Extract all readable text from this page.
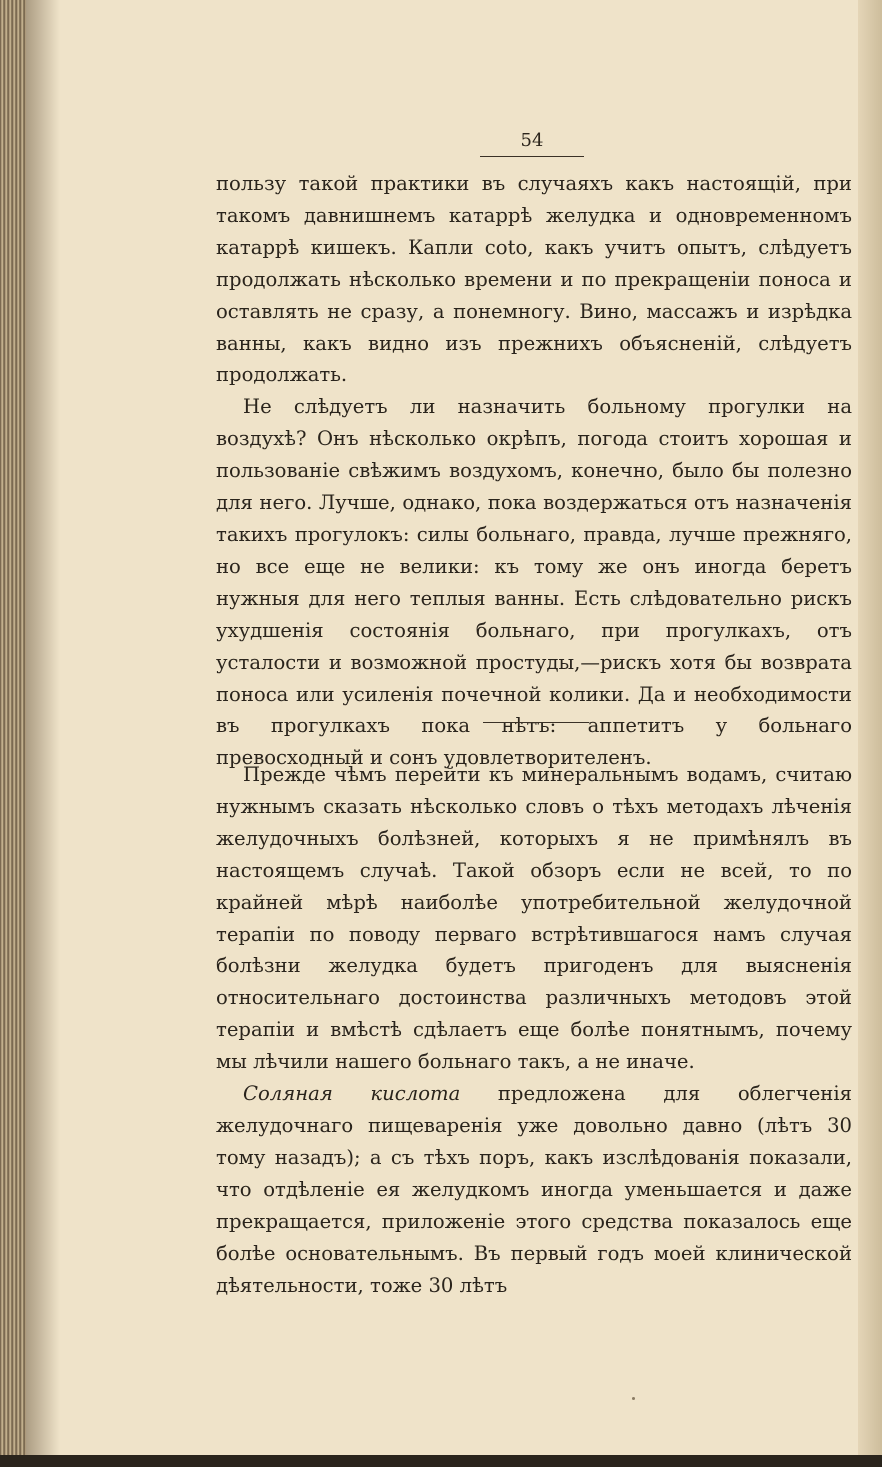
54

пользу такой практики въ случаяхъ какъ настоящій, при такомъ давнишнемъ катаррѣ желудка и одновременномъ катаррѣ кишекъ. Капли coto, какъ учитъ опытъ, слѣдуетъ продолжать нѣсколько времени и по прекращеніи поноса и оставлять не сразу, а понемногу. Вино, массажъ и изрѣдка ванны, какъ видно изъ прежнихъ объясненій, слѣдуетъ продолжать.

Не слѣдуетъ ли назначить больному прогулки на воздухѣ? Онъ нѣсколько окрѣпъ, погода стоитъ хорошая и пользованіе свѣжимъ воздухомъ, конечно, было бы полезно для него. Лучше, однако, пока воздержаться отъ назначенія такихъ прогулокъ: силы больнаго, правда, лучше прежняго, но все еще не велики: къ тому же онъ иногда беретъ нужныя для него теплыя ванны. Есть слѣдовательно рискъ ухудшенія состоянія больнаго, при прогулкахъ, отъ усталости и возможной простуды,—рискъ хотя бы возврата поноса или усиленія почечной колики. Да и необходимости въ прогулкахъ пока нѣтъ: аппетитъ у больнаго превосходный и сонъ удовлетворителенъ.

Прежде чѣмъ перейти къ минеральнымъ водамъ, считаю нужнымъ сказать нѣсколько словъ о тѣхъ методахъ лѣченія желудочныхъ болѣзней, которыхъ я не примѣнялъ въ настоящемъ случаѣ. Такой обзоръ если не всей, то по крайней мѣрѣ наиболѣе употребительной желудочной терапіи по поводу перваго встрѣтившагося намъ случая болѣзни желудка будетъ пригоденъ для выясненія относительнаго достоинства различныхъ методовъ этой терапіи и вмѣстѣ сдѣлаетъ еще болѣе понятнымъ, почему мы лѣчили нашего больнаго такъ, а не иначе.

Соляная кислота предложена для облегченія желудочнаго пищеваренія уже довольно давно (лѣтъ 30 тому назадъ); а съ тѣхъ поръ, какъ изслѣдованія показали, что отдѣленіе ея желудкомъ иногда уменьшается и даже прекращается, приложеніе этого средства показалось еще болѣе основательнымъ. Въ первый годъ моей клинической дѣятельности, тоже 30 лѣтъ
